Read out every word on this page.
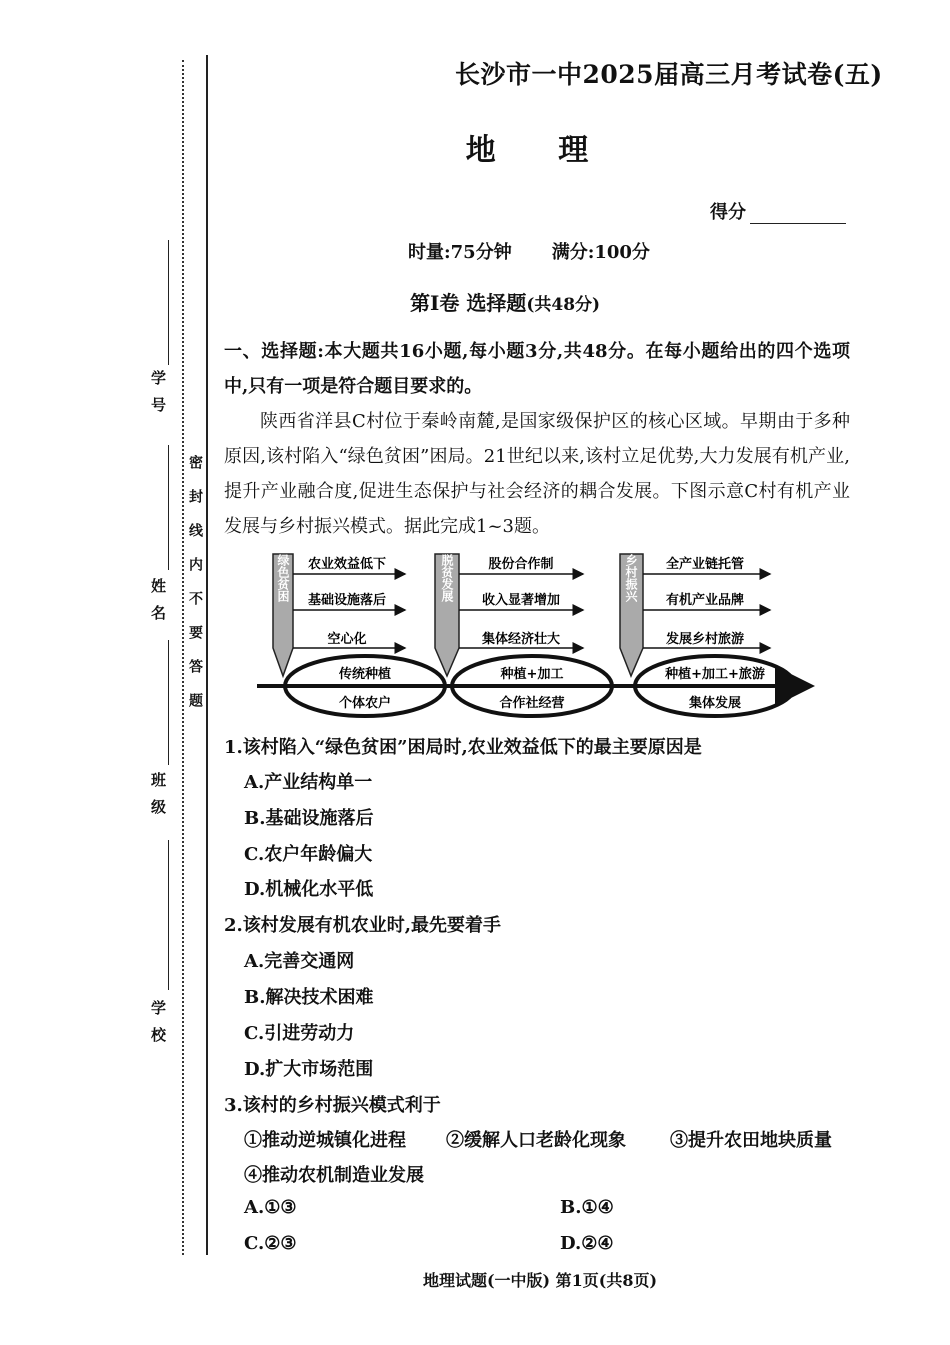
学号
姓名
班级
学校
密封线内不要答题
长沙市一中2025届高三月考试卷(五)
地 理
得分
时量:75分钟 满分:100分
第Ⅰ卷 选择题(共48分)
一、选择题:本大题共16小题,每小题3分,共48分。在每小题给出的四个选项中,只有一项是符合题目要求的。
陕西省洋县C村位于秦岭南麓,是国家级保护区的核心区域。早期由于多种原因,该村陷入“绿色贫困”困局。21世纪以来,该村立足优势,大力发展有机产业,提升产业融合度,促进生态保护与社会经济的耦合发展。下图示意C村有机产业发展与乡村振兴模式。据此完成1~3题。
绿色贫困 农业效益低下
基础设施落后
空心化
传统种植
个体农户
脱贫发展	股份合作制
收入显著增加
集体经济壮大
种植+加工
合作社经营
乡村振兴 全产业链托管
有机产业品牌
发展乡村旅游
种植+加工+旅游
集体发展
1.该村陷入“绿色贫困”困局时,农业效益低下的最主要原因是
A.产业结构单一
B.基础设施落后
C.农户年龄偏大
D.机械化水平低
2.该村发展有机农业时,最先要着手
A.完善交通网
B.解决技术困难
C.引进劳动力
D.扩大市场范围
3.该村的乡村振兴模式利于
①推动逆城镇化进程 ②缓解人口老龄化现象 ③提升农田地块质量
④推动农机制造业发展
A.①③	B.①④
C.②③	D.②④
地理试题(一中版) 第1页(共8页)
